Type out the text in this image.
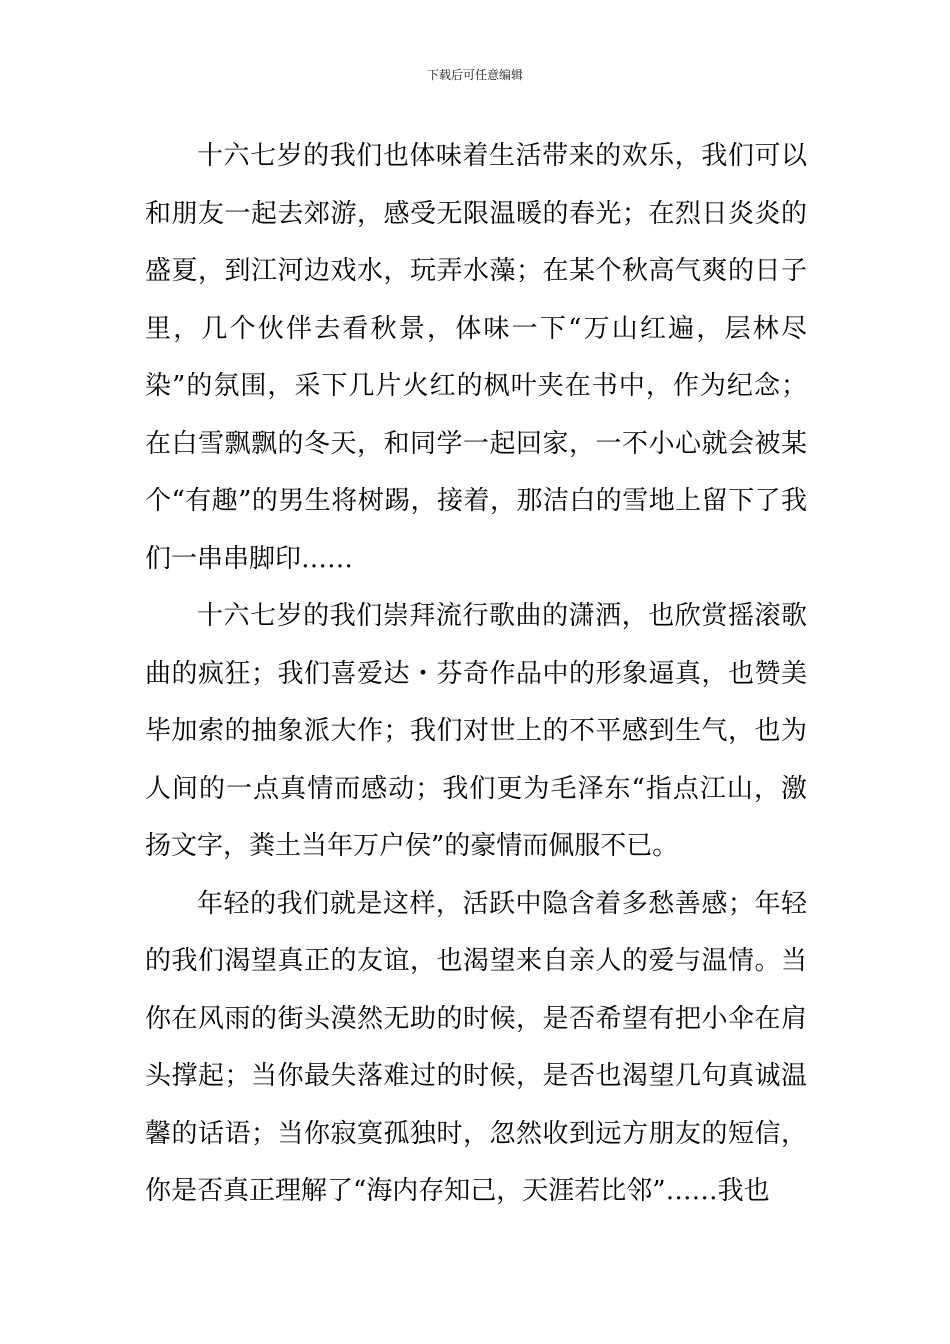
下载后可任意编辑

十六七岁的我们也体味着生活带来的欢乐，我们可以和朋友一起去郊游，感受无限温暖的春光；在烈日炎炎的盛夏，到江河边戏水，玩弄水藻；在某个秋高气爽的日子里，几个伙伴去看秋景，体味一下“万山红遍，层林尽染”的氛围，采下几片火红的枫叶夹在书中，作为纪念；在白雪飘飘的冬天，和同学一起回家，一不小心就会被某个“有趣”的男生将树踢，接着，那洁白的雪地上留下了我们一串串脚印……

十六七岁的我们崇拜流行歌曲的潇洒，也欣赏摇滚歌曲的疯狂；我们喜爱达・芬奇作品中的形象逼真，也赞美毕加索的抽象派大作；我们对世上的不平感到生气，也为人间的一点真情而感动；我们更为毛泽东“指点江山，激扬文字，粪土当年万户侯”的豪情而佩服不已。

年轻的我们就是这样，活跃中隐含着多愁善感；年轻的我们渴望真正的友谊，也渴望来自亲人的爱与温情。当你在风雨的街头漠然无助的时候，是否希望有把小伞在肩头撑起；当你最失落难过的时候，是否也渴望几句真诚温馨的话语；当你寂寞孤独时，忽然收到远方朋友的短信，你是否真正理解了“海内存知己，天涯若比邻”……我也
